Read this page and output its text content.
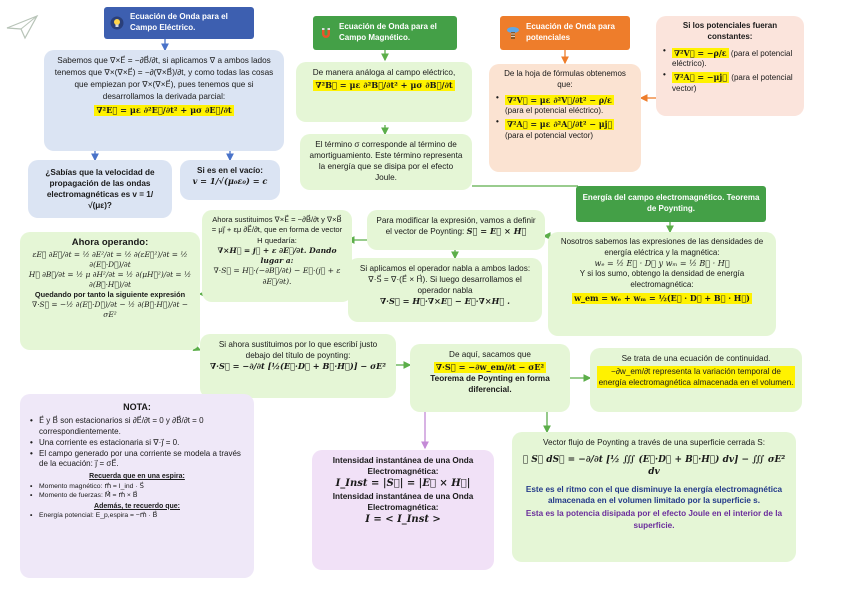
Ecuación de Onda para el Campo Eléctrico.	Ecuación de Onda para el Campo Magnético.
Ecuación de Onda para potenciales
Energía del campo electromagnético. Teorema de Poynting.
Sabemos que ∇×E⃗ = −∂B⃗/∂t, si aplicamos ∇ a ambos lados tenemos que ∇×(∇×E⃗) = −∂(∇×B⃗)/∂t, y como todas las cosas que empiezan por ∇×(∇×E⃗), pues tenemos que si desarrollamos la derivada parcial:
∇²E⃗ = με ∂²E⃗/∂t² + μσ ∂E⃗/∂t
¿Sabías que la velocidad de propagación de las ondas electromagnéticas es v = 1/√(με)?
Si es en el vacío:
v = 1/√(μ₀ε₀) = c
De manera análoga al campo eléctrico,
∇²B⃗ = με ∂²B⃗/∂t² + μσ ∂B⃗/∂t
El término σ corresponde al término de amortiguamiento. Este término representa la energía que se disipa por el efecto Joule.
De la hoja de fórmulas obtenemos que:
• ∇²V⃗ = με ∂²V⃗/∂t² − ρ/ε (para el potencial eléctrico).
• ∇²A⃗ = με ∂²A⃗/∂t² − μj⃗ (para el potencial vector)
Si los potenciales fueran constantes:
• ∇²V⃗ = −ρ/ε (para el potencial eléctrico).
• ∇²A⃗ = −μj⃗ (para el potencial vector)
Nosotros sabemos las expresiones de las densidades de energía eléctrica y la magnética:
wₑ = ½ E⃗ · D⃗ y wₘ = ½ B⃗ · H⃗
Y si los sumo, obtengo la densidad de energía electromagnética:
w_em = wₑ + wₘ = ½(E⃗ · D⃗ + B⃗ · H⃗)
Para modificar la expresión, vamos a definir el vector de Poynting: S⃗ = E⃗ × H⃗
Si aplicamos el operador nabla a ambos lados: ∇·S⃗ = ∇·(E⃗ × H⃗). Si luego desarrollamos el operador nabla
∇·S⃗ = H⃗·∇×E⃗ − E⃗·∇×H⃗ .
Ahora sustituimos ∇×E⃗ = −∂B⃗/∂t y ∇×B⃗ = μj⃗ + εμ ∂E⃗/∂t, que en forma de vector H quedaría:
∇×H⃗ = j⃗ + ε ∂E⃗/∂t. Dando lugar a:
∇·S⃗ = H⃗·(−∂B⃗/∂t) − E⃗·(j⃗ + ε ∂E⃗/∂t).
Ahora operando:
εE⃗ ∂E⃗/∂t = ½ ∂E²/∂t = ½ ∂(εE⃗²)/∂t = ½ ∂(E⃗·D⃗)/∂t
H⃗ ∂B⃗/∂t = ½ μ ∂H²/∂t = ½ ∂(μH⃗²)/∂t = ½ ∂(B⃗·H⃗)/∂t
Quedando por tanto la siguiente expresión
∇·S⃗ = −½ ∂(E⃗·D⃗)/∂t − ½ ∂(B⃗·H⃗)/∂t − σE²
Si ahora sustituimos por lo que escribí justo debajo del título de poynting:
∇·S⃗ = −∂/∂t [½(E⃗·D⃗ + B⃗·H⃗)] − σE²
De aquí, sacamos que
∇·S⃗ = −∂w_em/∂t − σE²
Teorema de Poynting en forma diferencial.
Se trata de una ecuación de continuidad.
−∂w_em/∂t representa la variación temporal de energía electromagnética almacenada en el volumen.
Intensidad instantánea de una Onda Electromagnética:
I_Inst = |S⃗| = |E⃗ × H⃗|
Intensidad instantánea de una Onda Electromagnética:
I = < I_Inst >
Vector flujo de Poynting a través de una superficie cerrada S:
∯ S⃗ dS⃗ = −∂/∂t [½ ∭ (E⃗·D⃗ + B⃗·H⃗) dv] − ∭ σE² dv
Este es el ritmo con el que disminuye la energía electromagnética almacenada en el volumen limitado por la superficie s.
Esta es la potencia disipada por el efecto Joule en el interior de la superficie.
NOTA:
• E⃗ y B⃗ son estacionarios si ∂E⃗/∂t = 0 y ∂B⃗/∂t = 0 correspondientemente.
• Una corriente es estacionaria si ∇·j⃗ = 0.
• El campo generado por una corriente se modela a través de la ecuación: j⃗ = σE⃗.
Recuerda que en una espira:
• Momento magnético: m⃗ = I_ind · S⃗
• Momento de fuerzas: M⃗ = m⃗ × B⃗
Además, te recuerdo que:
• Energía potencial: E_p,espira = −m⃗ · B⃗
